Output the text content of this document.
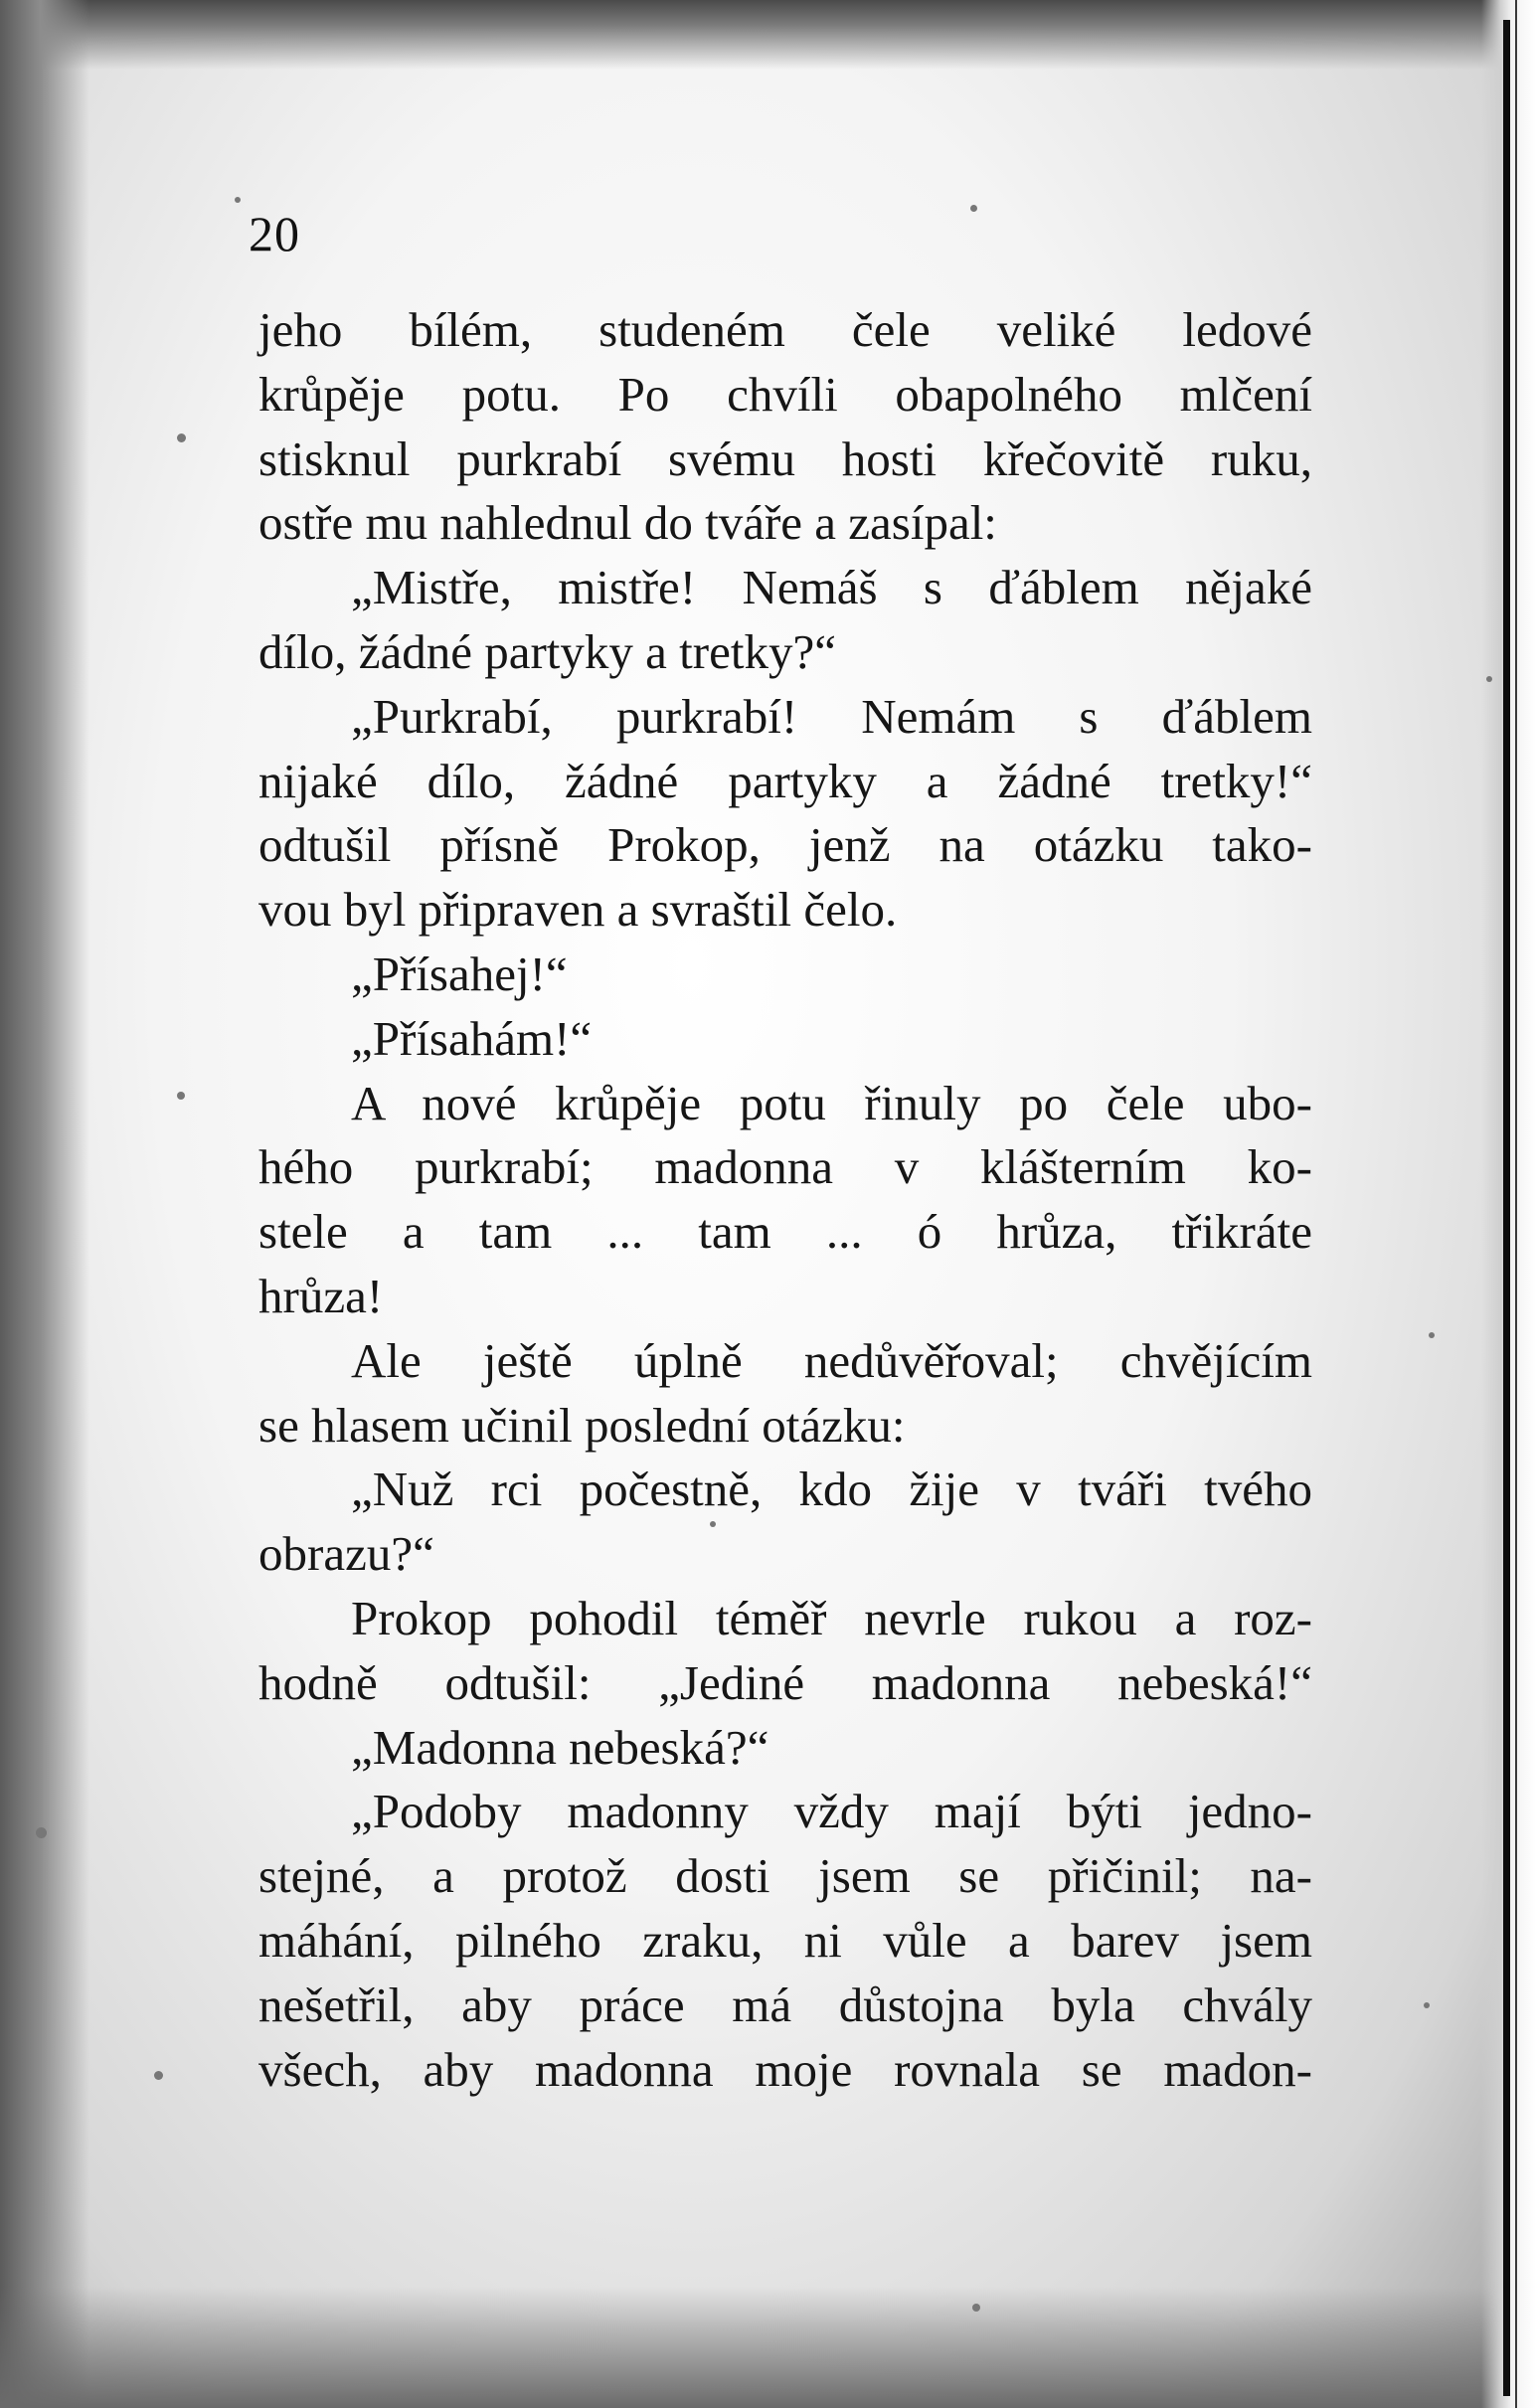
20
jeho bílém, studeném čele veliké ledové
krůpěje potu. Po chvíli obapolného mlčení
stisknul purkrabí svému hosti křečovitě ruku,
ostře mu nahlednul do tváře a zasípal:
„Mistře, mistře! Nemáš s ďáblem nějaké
dílo, žádné partyky a tretky?“
„Purkrabí, purkrabí! Nemám s ďáblem
nijaké dílo, žádné partyky a žádné tretky!“
odtušil přísně Prokop, jenž na otázku tako-
vou byl připraven a svraštil čelo.
„Přísahej!“
„Přísahám!“
A nové krůpěje potu řinuly po čele ubo-
hého purkrabí; madonna v klášterním ko-
stele a tam ... tam ... ó hrůza, třikráte
hrůza!
Ale ještě úplně nedůvěřoval; chvějícím
se hlasem učinil poslední otázku:
„Nuž rci počestně, kdo žije v tváři tvého
obrazu?“
Prokop pohodil téměř nevrle rukou a roz-
hodně odtušil: „Jediné madonna nebeská!“
„Madonna nebeská?“
„Podoby madonny vždy mají býti jedno-
stejné, a protož dosti jsem se přičinil; na-
máhání, pilného zraku, ni vůle a barev jsem
nešetřil, aby práce má důstojna byla chvály
všech, aby madonna moje rovnala se madon-
